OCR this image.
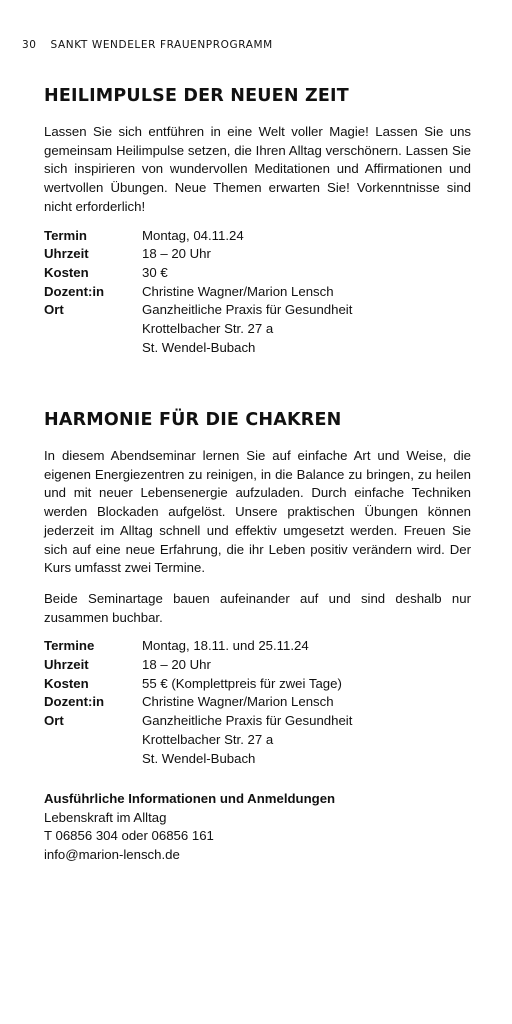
30 SANKT WENDELER FRAUENPROGRAMM
HEILIMPULSE DER NEUEN ZEIT

Lassen Sie sich entführen in eine Welt voller Magie! Lassen Sie uns gemeinsam Heilimpulse setzen, die Ihren Alltag verschönern. Lassen Sie sich inspirieren von wundervollen Meditationen und Affirmationen und wertvollen Übungen. Neue Themen erwarten Sie! Vorkenntnisse sind nicht erforderlich!

Termin	Montag, 04.11.24
Uhrzeit	18 – 20 Uhr
Kosten	30 €
Dozent:in	Christine Wagner/Marion Lensch
Ort	Ganzheitliche Praxis für Gesundheit
Krottelbacher Str. 27 a
St. Wendel-Bubach
HARMONIE FÜR DIE CHAKREN

In diesem Abendseminar lernen Sie auf einfache Art und Weise, die eigenen Energiezentren zu reinigen, in die Balance zu bringen, zu heilen und mit neuer Lebensenergie aufzuladen. Durch einfache Techniken werden Blockaden aufgelöst. Unsere praktischen Übungen können jederzeit im Alltag schnell und effektiv umgesetzt werden. Freuen Sie sich auf eine neue Erfahrung, die ihr Leben positiv verändern wird. Der Kurs umfasst zwei Termine.

Beide Seminartage bauen aufeinander auf und sind deshalb nur zusammen buchbar.

Termine	Montag, 18.11. und 25.11.24
Uhrzeit	18 – 20 Uhr
Kosten	55 € (Komplettpreis für zwei Tage)
Dozent:in	Christine Wagner/Marion Lensch
Ort	Ganzheitliche Praxis für Gesundheit
Krottelbacher Str. 27 a
St. Wendel-Bubach
Ausführliche Informationen und Anmeldungen
Lebenskraft im Alltag
T 06856 304 oder 06856 161
info@marion-lensch.de
